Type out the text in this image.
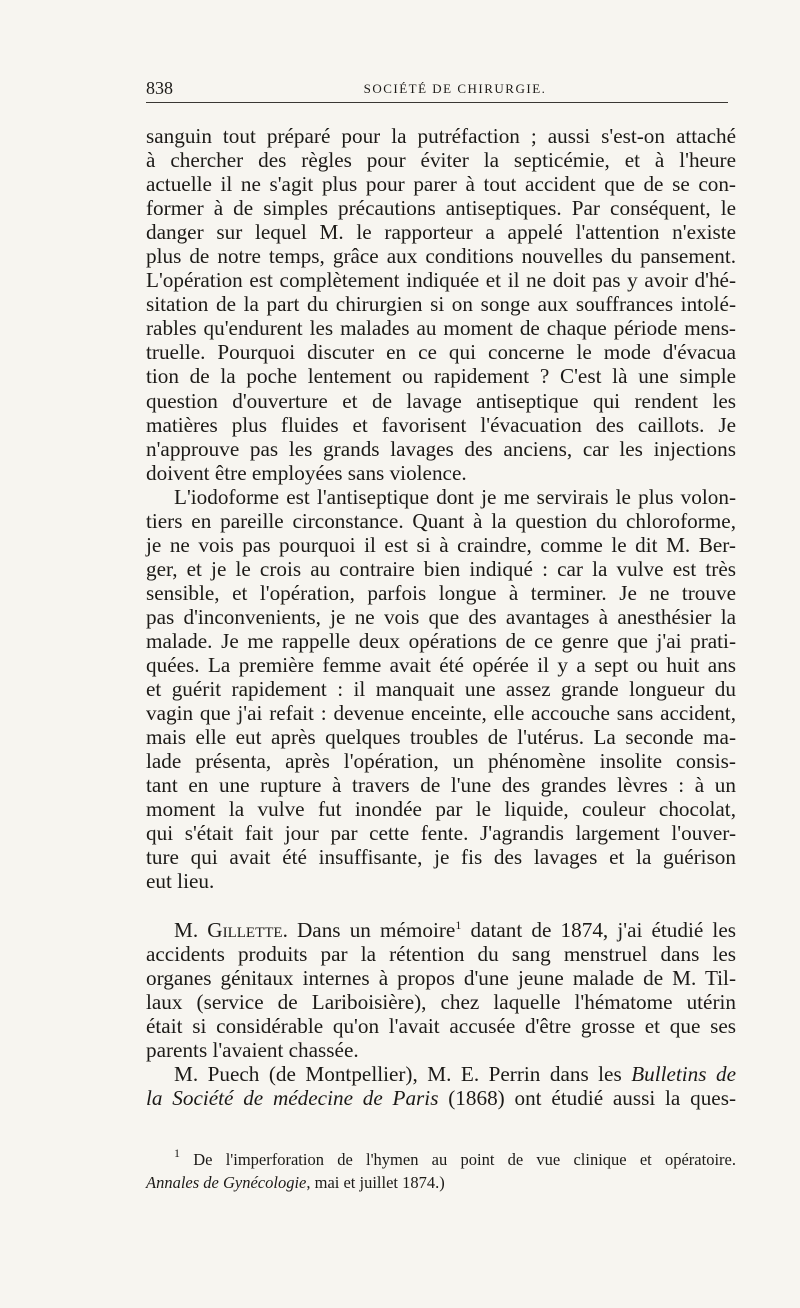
838	SOCIÉTÉ DE CHIRURGIE.
sanguin tout préparé pour la putréfaction ; aussi s'est-on attaché
à chercher des règles pour éviter la septicémie, et à l'heure
actuelle il ne s'agit plus pour parer à tout accident que de se con-
former à de simples précautions antiseptiques. Par conséquent, le
danger sur lequel M. le rapporteur a appelé l'attention n'existe
plus de notre temps, grâce aux conditions nouvelles du pansement.
L'opération est complètement indiquée et il ne doit pas y avoir d'hé-
sitation de la part du chirurgien si on songe aux souffrances intolé-
rables qu'endurent les malades au moment de chaque période mens-
truelle. Pourquoi discuter en ce qui concerne le mode d'évacua
tion de la poche lentement ou rapidement ? C'est là une simple
question d'ouverture et de lavage antiseptique qui rendent les
matières plus fluides et favorisent l'évacuation des caillots. Je
n'approuve pas les grands lavages des anciens, car les injections
doivent être employées sans violence.
L'iodoforme est l'antiseptique dont je me servirais le plus volon-
tiers en pareille circonstance. Quant à la question du chloroforme,
je ne vois pas pourquoi il est si à craindre, comme le dit M. Ber-
ger, et je le crois au contraire bien indiqué : car la vulve est très
sensible, et l'opération, parfois longue à terminer. Je ne trouve
pas d'inconvenients, je ne vois que des avantages à anesthésier la
malade. Je me rappelle deux opérations de ce genre que j'ai prati-
quées. La première femme avait été opérée il y a sept ou huit ans
et guérit rapidement : il manquait une assez grande longueur du
vagin que j'ai refait : devenue enceinte, elle accouche sans accident,
mais elle eut après quelques troubles de l'utérus. La seconde ma-
lade présenta, après l'opération, un phénomène insolite consis-
tant en une rupture à travers de l'une des grandes lèvres : à un
moment la vulve fut inondée par le liquide, couleur chocolat,
qui s'était fait jour par cette fente. J'agrandis largement l'ouver-
ture qui avait été insuffisante, je fis des lavages et la guérison
eut lieu.
M. Gillette. Dans un mémoire$^1$ datant de 1874, j'ai étudié les
accidents produits par la rétention du sang menstruel dans les
organes génitaux internes à propos d'une jeune malade de M. Til-
laux (service de Lariboisière), chez laquelle l'hématome utérin
était si considérable qu'on l'avait accusée d'être grosse et que ses
parents l'avaient chassée.
M. Puech (de Montpellier), M. E. Perrin dans les Bulletins de
la Société de médecine de Paris (1868) ont étudié aussi la ques-
$^1$ De l'imperforation de l'hymen au point de vue clinique et opératoire.
Annales de Gynécologie, mai et juillet 1874.)
